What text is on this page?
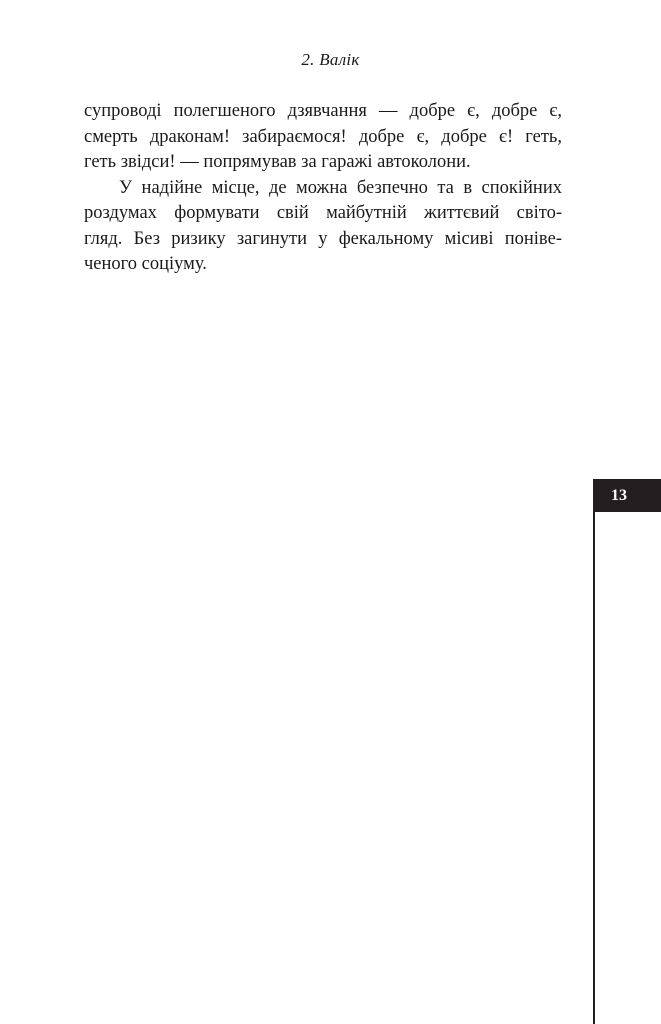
2. Валік
супроводі полегшеного дзявчання — добре є, добре є,
смерть драконам! забираємося! добре є, добре є! геть,
геть звідси! — попрямував за гаражі автоколони.
У надійне місце, де можна безпечно та в спокійних
роздумах формувати свій майбутній життєвий світо-
гляд. Без ризику загинути у фекальному місиві понівe-
ченого соціуму.
13
